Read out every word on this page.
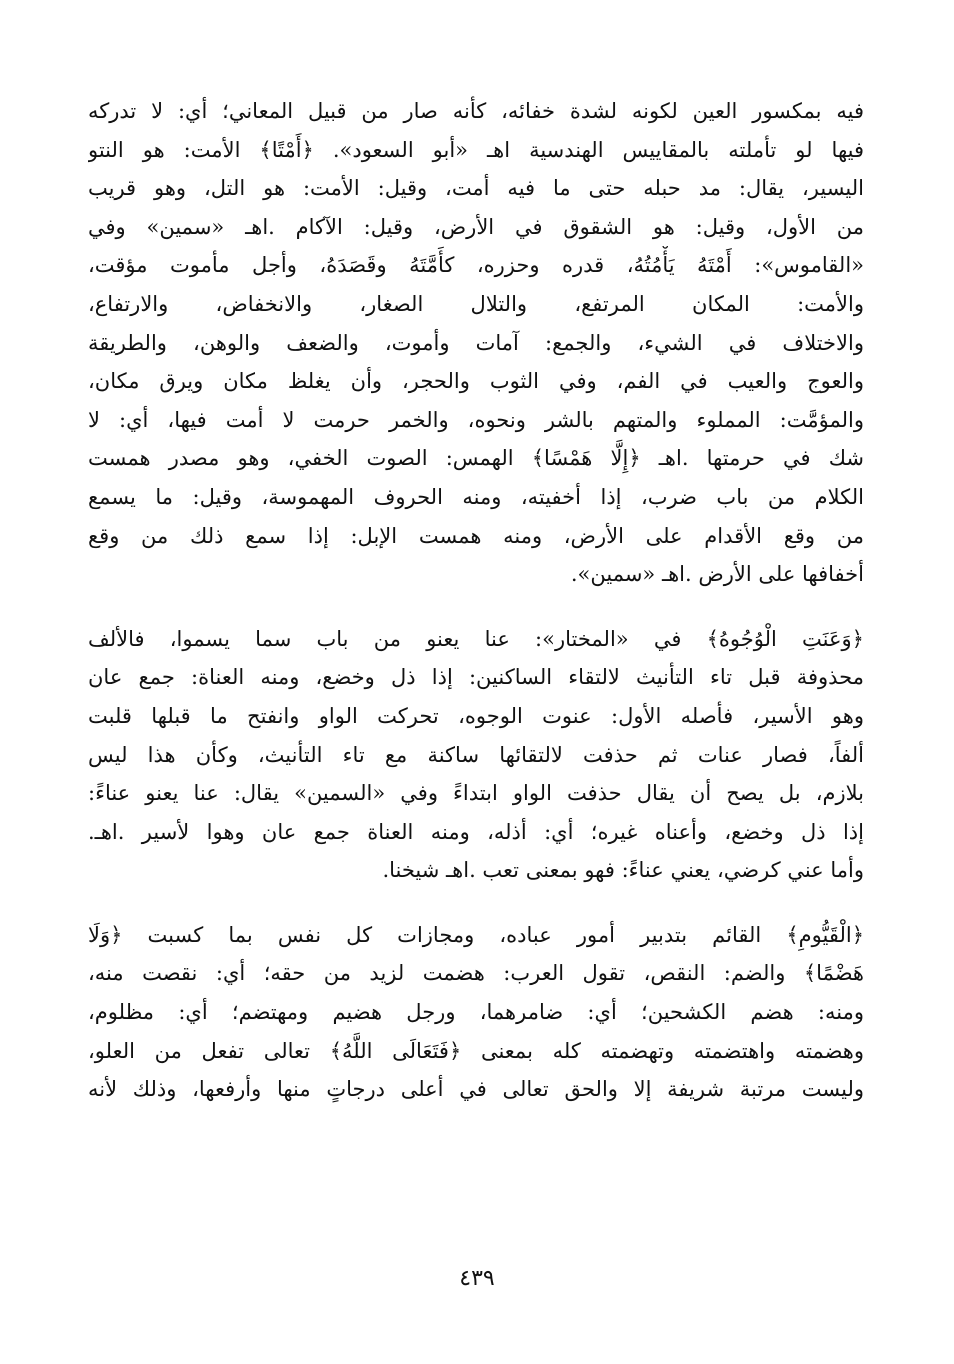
فيه بمكسور العين لكونه لشدة خفائه، كأنه صار من قبيل المعاني؛ أي: لا تدركه
فيها لو تأملته بالمقاييس الهندسية اهـ «أبو السعود». ﴿أَمْتًا﴾ الأمت: هو النتو
اليسير، يقال: مد حبله حتى ما فيه أمت، وقيل: الأمت: هو التل، وهو قريب
من الأول، وقيل: هو الشقوق في الأرض، وقيل: الآكام .اهـ «سمين» وفي
«القاموس»: أَمْتَهُ يَأْمُتُهُ، قدره وحزره، كأَمَّتَهُ وقَصَدَهُ، وأجل مأموت مؤقت،
والأمت: المكان المرتفع، والتلال الصغار، والانخفاض، والارتفاع،
والاختلاف في الشيء، والجمع: آمات وأموت، والضعف والوهن، والطريقة
والعوج والعيب في الفم، وفي الثوب والحجر، وأن يغلظ مكان ويرق مكان،
والمؤمَّت: المملوء والمتهم بالشر ونحوه، والخمر حرمت لا أمت فيها، أي: لا
شك في حرمتها .اهـ ﴿إِلَّا هَمْسًا﴾ الهمس: الصوت الخفي، وهو مصدر همست
الكلام من باب ضرب، إذا أخفيته، ومنه الحروف المهموسة، وقيل: ما يسمع
من وقع الأقدام على الأرض، ومنه همست الإبل: إذا سمع ذلك من وقع
أخفافها على الأرض .اهـ «سمين».
﴿وَعَنَتِ الْوُجُوهُ﴾ في «المختار»: عنا يعنو من باب سما يسموا، فالألف
محذوفة قبل تاء التأنيث لالتقاء الساكنين: إذا ذل وخضع، ومنه العناة: جمع عان
وهو الأسير، فأصله الأول: عنوت الوجوه، تحركت الواو وانفتح ما قبلها قلبت
ألفاً، فصار عنات ثم حذفت لالتقائها ساكنة مع تاء التأنيث، وكأن هذا ليس
بلازم، بل يصح أن يقال حذفت الواو ابتداءً وفي «السمين» يقال: عنا يعنو عناءً:
إذا ذل وخضع، وأعناه غيره؛ أي: أذله، ومنه العناة جمع عان وهوا لأسير .اهـ.
وأما عني كرضي، يعني عناءً: فهو بمعنى تعب .اهـ شيخنا.
﴿الْقَيُّومِ﴾ القائم بتدبير أمور عباده، ومجازات كل نفس بما كسبت ﴿وَلَا
هَضْمًا﴾ والضم: النقص، تقول العرب: هضمت لزيد من حقه؛ أي: نقصت منه،
ومنه: هضم الكشحين؛ أي: ضامرهما، ورجل هضيم ومهتضم؛ أي: مظلوم،
وهضمته واهتضمته وتهضمته كله بمعنى ﴿فَتَعَالَى اللَّهُ﴾ تعالى تفعل من العلو،
وليست مرتبة شريفة إلا والحق تعالى في أعلى درجاتٍ منها وأرفعها، وذلك لأنه
٤٣٩
